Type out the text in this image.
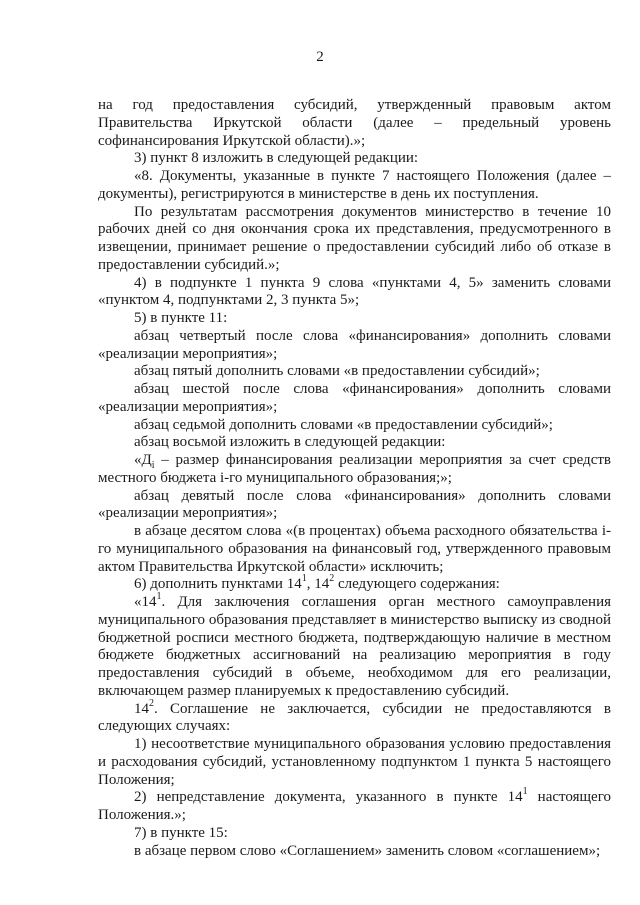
2

на год предоставления субсидий, утвержденный правовым актом Правительства Иркутской области (далее – предельный уровень софинансирования Иркутской области).»;

3) пункт 8 изложить в следующей редакции:

«8. Документы, указанные в пункте 7 настоящего Положения (далее – документы), регистрируются в министерстве в день их поступления.

По результатам рассмотрения документов министерство в течение 10 рабочих дней со дня окончания срока их представления, предусмотренного в извещении, принимает решение о предоставлении субсидий либо об отказе в предоставлении субсидий.»;

4) в подпункте 1 пункта 9 слова «пунктами 4, 5» заменить словами «пунктом 4, подпунктами 2, 3 пункта 5»;

5) в пункте 11:

абзац четвертый после слова «финансирования» дополнить словами «реализации мероприятия»;

абзац пятый дополнить словами «в предоставлении субсидий»;

абзац шестой после слова «финансирования» дополнить словами «реализации мероприятия»;

абзац седьмой дополнить словами «в предоставлении субсидий»;

абзац восьмой изложить в следующей редакции:

«$Д_i$ – размер финансирования реализации мероприятия за счет средств местного бюджета i-го муниципального образования;»;

абзац девятый после слова «финансирования» дополнить словами «реализации мероприятия»;

в абзаце десятом слова «(в процентах) объема расходного обязательства i-го муниципального образования на финансовый год, утвержденного правовым актом Правительства Иркутской области» исключить;

6) дополнить пунктами $14^1$, $14^2$ следующего содержания:

«$14^1$. Для заключения соглашения орган местного самоуправления муниципального образования представляет в министерство выписку из сводной бюджетной росписи местного бюджета, подтверждающую наличие в местном бюджете бюджетных ассигнований на реализацию мероприятия в году предоставления субсидий в объеме, необходимом для его реализации, включающем размер планируемых к предоставлению субсидий.

$14^2$. Соглашение не заключается, субсидии не предоставляются в следующих случаях:

1) несоответствие муниципального образования условию предоставления и расходования субсидий, установленному подпунктом 1 пункта 5 настоящего Положения;

2) непредставление документа, указанного в пункте $14^1$ настоящего Положения.»;

7) в пункте 15:

в абзаце первом слово «Соглашением» заменить словом «соглашением»;
